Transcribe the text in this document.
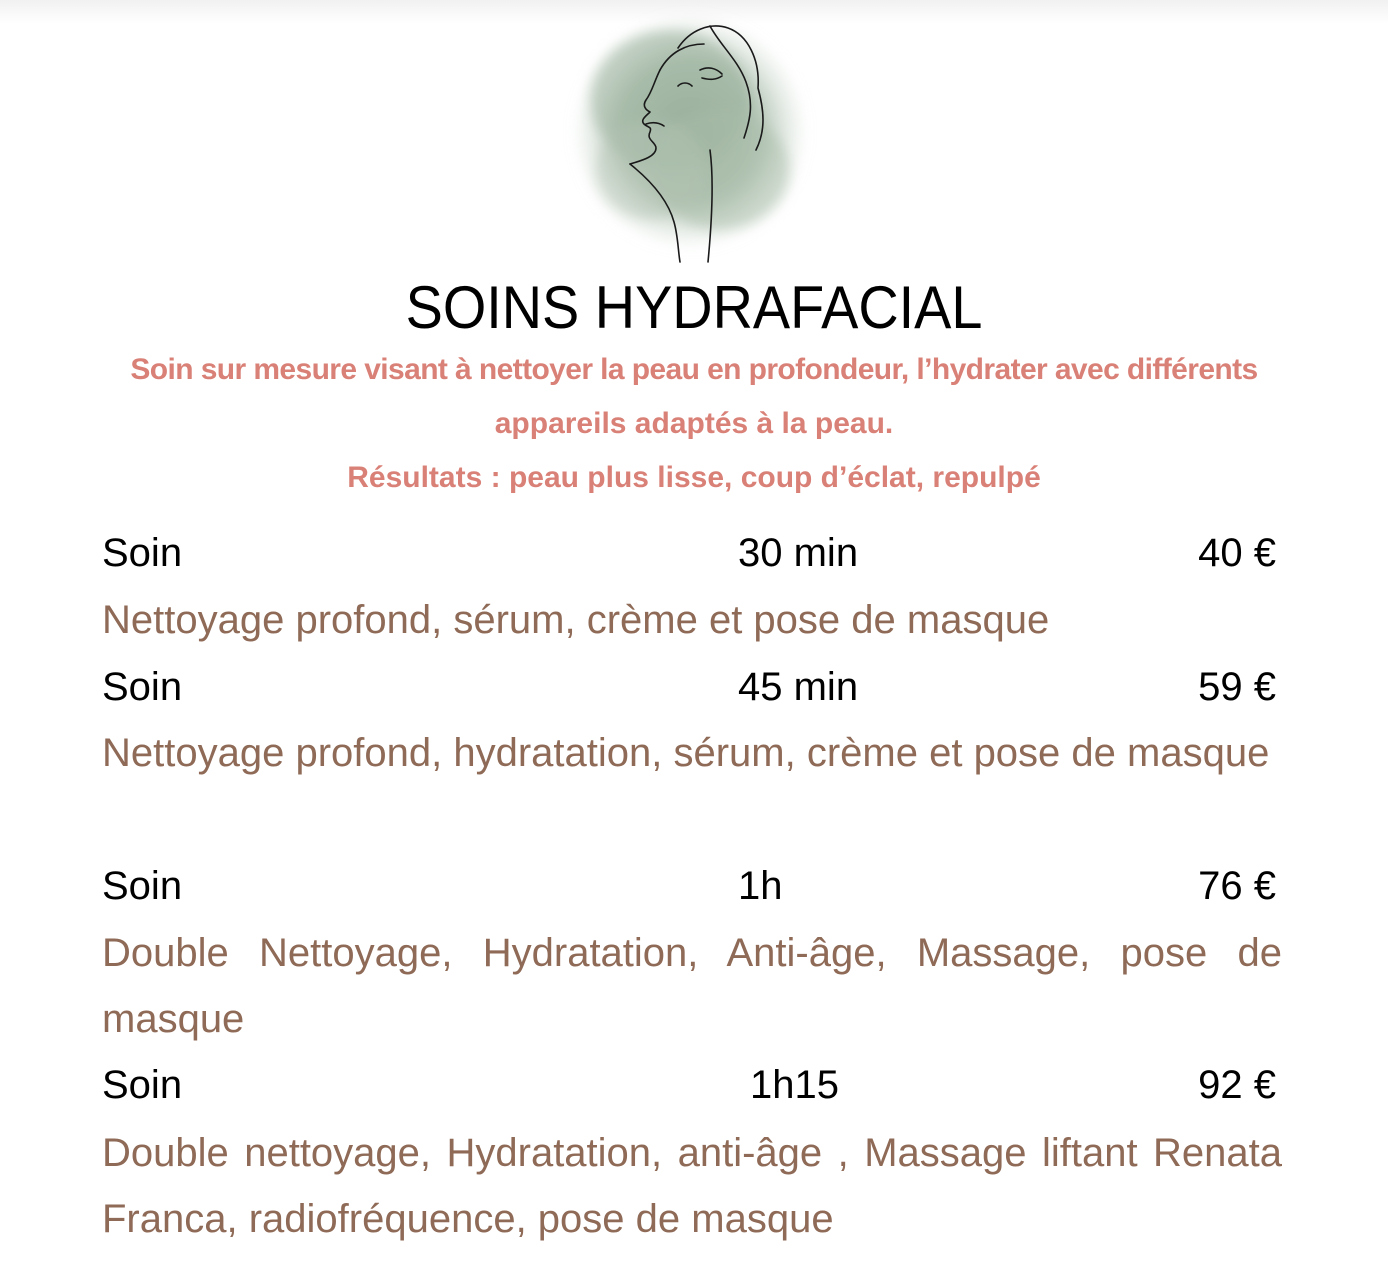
SOINS HYDRAFACIAL
Soin sur mesure visant à nettoyer la peau en profondeur, l’hydrater avec différents
appareils adaptés à la peau.
Résultats : peau plus lisse, coup d’éclat, repulpé
Soin	30 min	40 €
Nettoyage profond, sérum, crème et pose de masque
Soin	45 min	59 €
Nettoyage profond, hydratation, sérum, crème et pose de masque
Soin	1h	76 €
Double Nettoyage, Hydratation, Anti-âge, Massage, pose de masque
Soin	1h15	92 €
Double nettoyage, Hydratation, anti-âge , Massage liftant Renata Franca, radiofréquence, pose de masque
